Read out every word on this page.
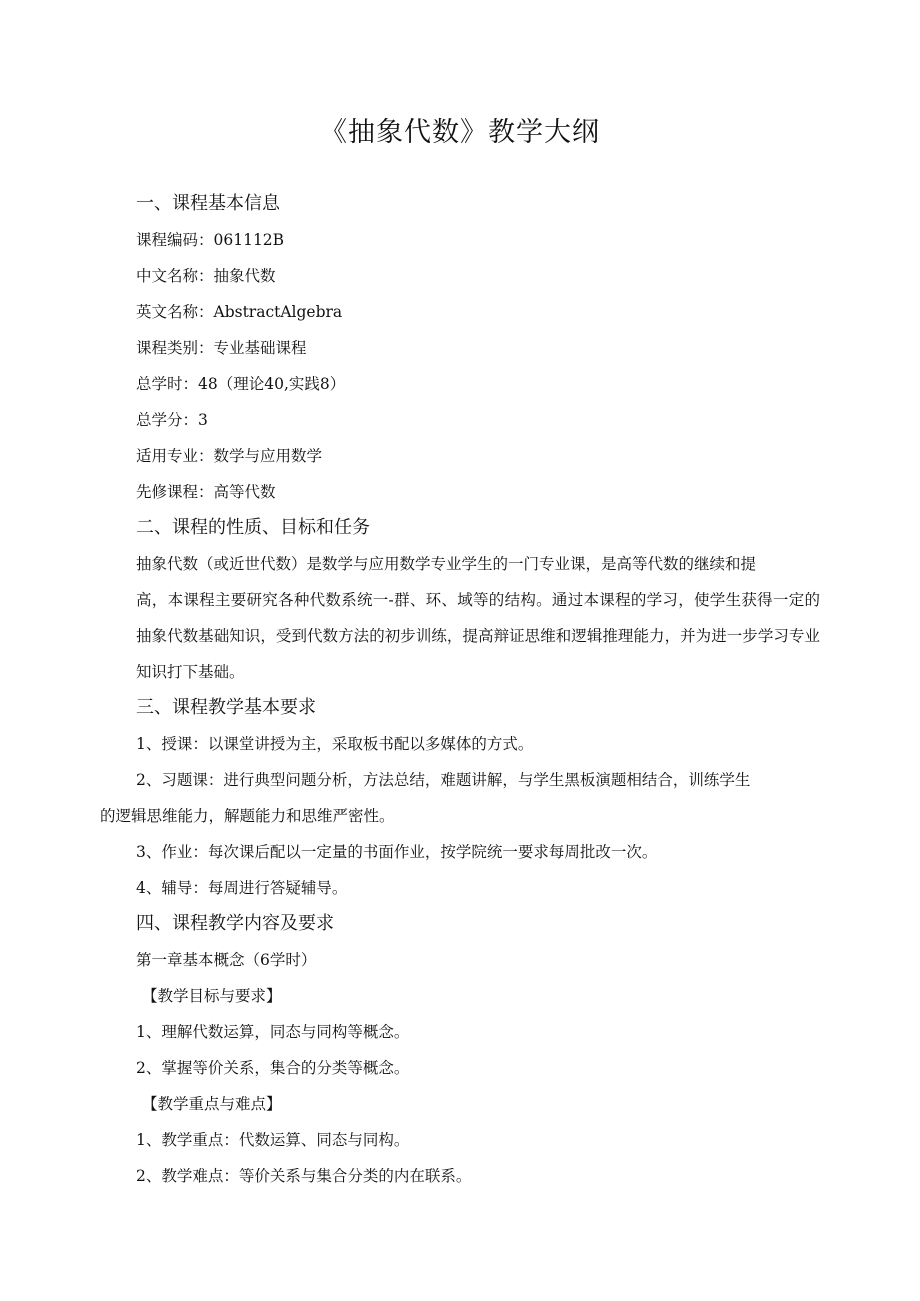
《抽象代数》教学大纲

一、课程基本信息

课程编码：061112B

中文名称：抽象代数

英文名称：AbstractAlgebra

课程类别：专业基础课程

总学时：48（理论40,实践8）

总学分：3

适用专业：数学与应用数学

先修课程：高等代数

二、课程的性质、目标和任务

抽象代数（或近世代数）是数学与应用数学专业学生的一门专业课，是高等代数的继续和提

高，本课程主要研究各种代数系统一-群、环、域等的结构。通过本课程的学习，使学生获得一定的抽象代数基础知识，受到代数方法的初步训练，提高辩证思维和逻辑推理能力，并为进一步学习专业知识打下基础。

三、课程教学基本要求

1、授课：以课堂讲授为主，采取板书配以多媒体的方式。

2、习题课：进行典型问题分析，方法总结，难题讲解，与学生黑板演题相结合，训练学生

的逻辑思维能力，解题能力和思维严密性。

3、作业：每次课后配以一定量的书面作业，按学院统一要求每周批改一次。

4、辅导：每周进行答疑辅导。

四、课程教学内容及要求

第一章基本概念（6学时）

【教学目标与要求】

1、理解代数运算，同态与同构等概念。

2、掌握等价关系，集合的分类等概念。

【教学重点与难点】

1、教学重点：代数运算、同态与同构。

2、教学难点：等价关系与集合分类的内在联系。
